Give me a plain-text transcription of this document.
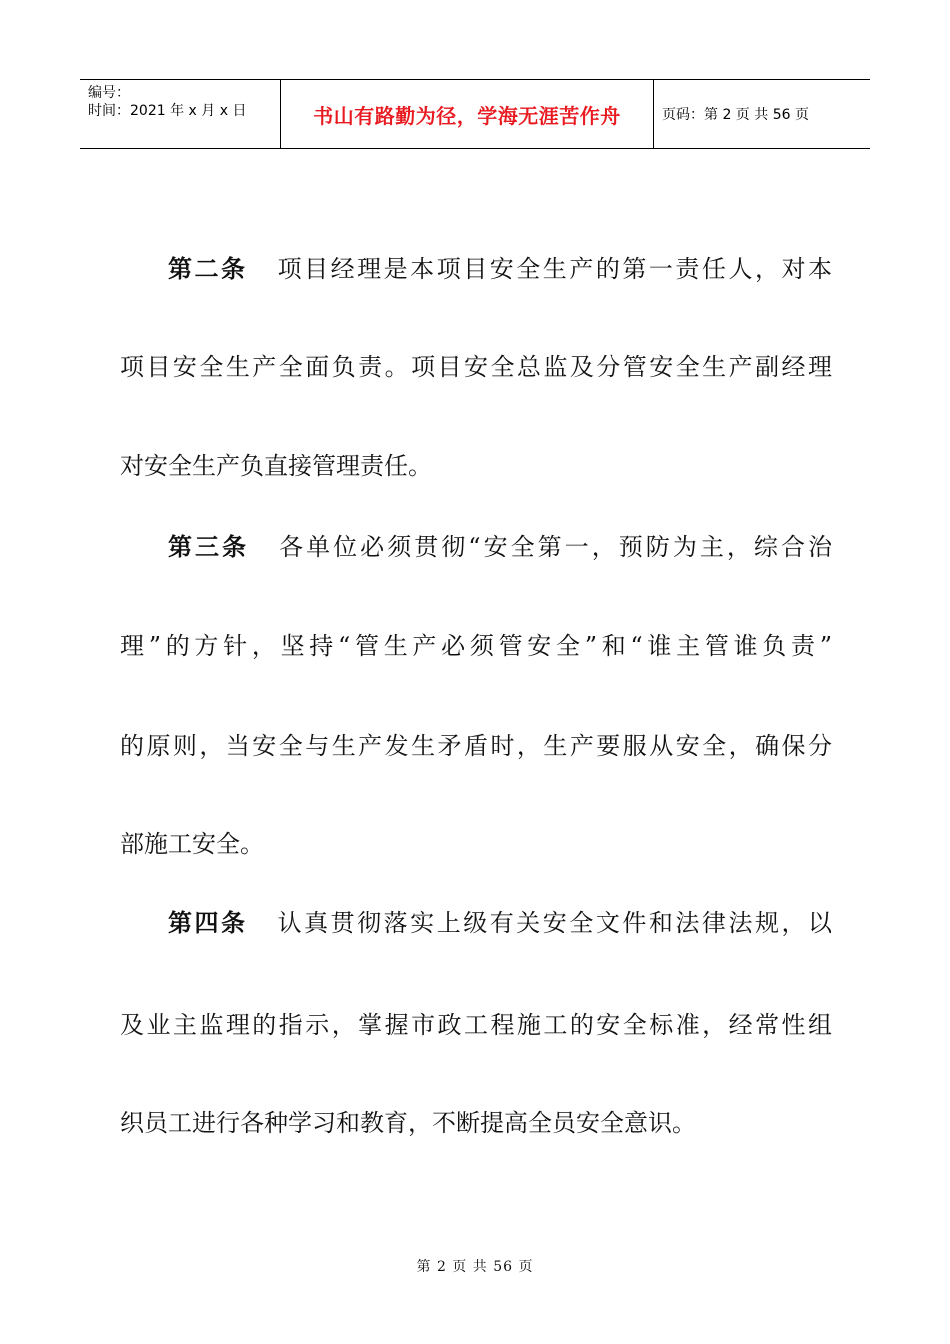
编号：
时间：2021 年 x 月 x 日	书山有路勤为径，学海无涯苦作舟	页码：第 2 页 共 56 页
第二条 项目经理是本项目安全生产的第一责任人，对本
项目安全生产全面负责。项目安全总监及分管安全生产副经理
对安全生产负直接管理责任。
第三条 各单位必须贯彻“安全第一，预防为主，综合治
理”的方针，坚持“管生产必须管安全”和“谁主管谁负责”
的原则，当安全与生产发生矛盾时，生产要服从安全，确保分
部施工安全。
第四条 认真贯彻落实上级有关安全文件和法律法规，以
及业主监理的指示，掌握市政工程施工的安全标准，经常性组
织员工进行各种学习和教育，不断提高全员安全意识。
第 2 页 共 56 页
